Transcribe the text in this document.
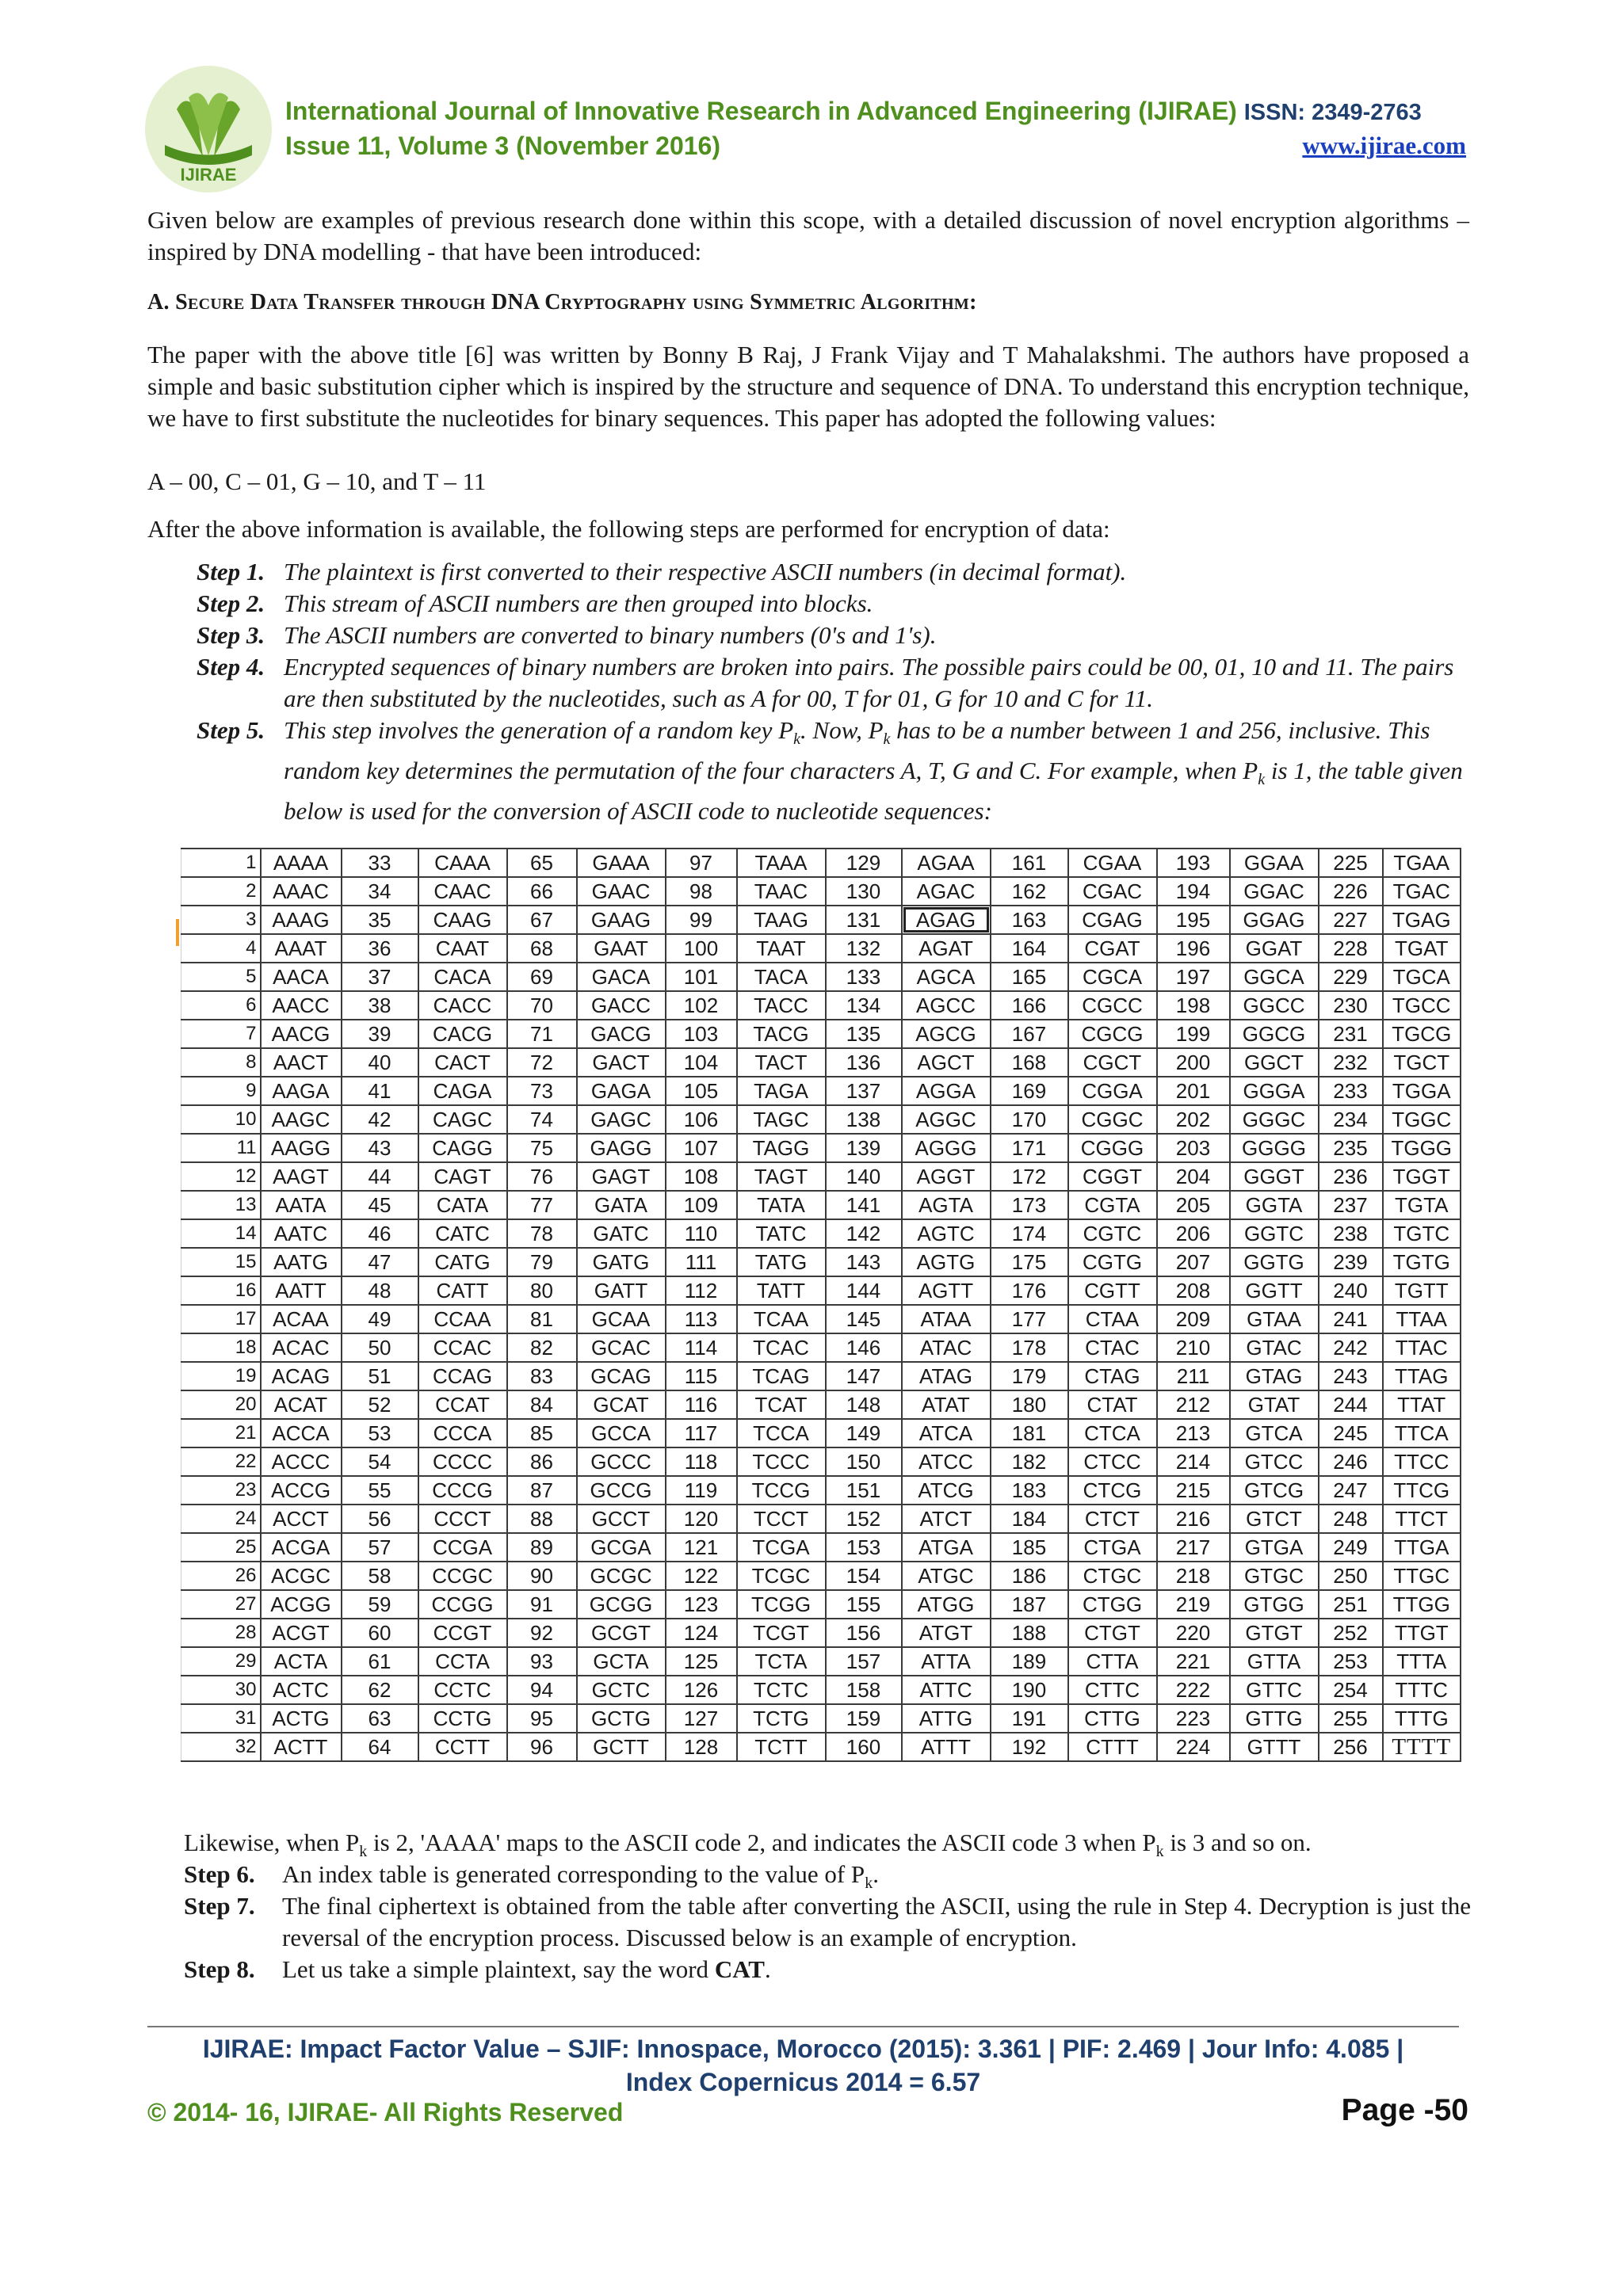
IJIRAE
International Journal of Innovative Research in Advanced Engineering (IJIRAE) ISSN: 2349-2763
Issue 11, Volume 3 (November 2016)	www.ijirae.com
Given below are examples of previous research done within this scope, with a detailed discussion of novel encryption algorithms – inspired by DNA modelling - that have been introduced:
A. Secure Data Transfer through DNA Cryptography using Symmetric Algorithm:
The paper with the above title [6] was written by Bonny B Raj, J Frank Vijay and T Mahalakshmi. The authors have proposed a simple and basic substitution cipher which is inspired by the structure and sequence of DNA. To understand this encryption technique, we have to first substitute the nucleotides for binary sequences. This paper has adopted the following values:
A – 00, C – 01, G – 10, and T – 11
After the above information is available, the following steps are performed for encryption of data:
Step 1. The plaintext is first converted to their respective ASCII numbers (in decimal format).
Step 2. This stream of ASCII numbers are then grouped into blocks.
Step 3. The ASCII numbers are converted to binary numbers (0's and 1's).
Step 4. Encrypted sequences of binary numbers are broken into pairs. The possible pairs could be 00, 01, 10 and 11. The pairs are then substituted by the nucleotides, such as A for 00, T for 01, G for 10 and C for 11.
Step 5. This step involves the generation of a random key $P_k$. Now, $P_k$ has to be a number between 1 and 256, inclusive. This random key determines the permutation of the four characters A, T, G and C. For example, when $P_k$ is 1, the table given below is used for the conversion of ASCII code to nucleotide sequences:
1	AAAA	33	CAAA	65	GAAA	97	TAAA	129	AGAA	161	CGAA	193	GGAA	225	TGAA
2	AAAC	34	CAAC	66	GAAC	98	TAAC	130	AGAC	162	CGAC	194	GGAC	226	TGAC
3	AAAG	35	CAAG	67	GAAG	99	TAAG	131	AGAG	163	CGAG	195	GGAG	227	TGAG
4	AAAT	36	CAAT	68	GAAT	100	TAAT	132	AGAT	164	CGAT	196	GGAT	228	TGAT
5	AACA	37	CACA	69	GACA	101	TACA	133	AGCA	165	CGCA	197	GGCA	229	TGCA
6	AACC	38	CACC	70	GACC	102	TACC	134	AGCC	166	CGCC	198	GGCC	230	TGCC
7	AACG	39	CACG	71	GACG	103	TACG	135	AGCG	167	CGCG	199	GGCG	231	TGCG
8	AACT	40	CACT	72	GACT	104	TACT	136	AGCT	168	CGCT	200	GGCT	232	TGCT
9	AAGA	41	CAGA	73	GAGA	105	TAGA	137	AGGA	169	CGGA	201	GGGA	233	TGGA
10	AAGC	42	CAGC	74	GAGC	106	TAGC	138	AGGC	170	CGGC	202	GGGC	234	TGGC
11	AAGG	43	CAGG	75	GAGG	107	TAGG	139	AGGG	171	CGGG	203	GGGG	235	TGGG
12	AAGT	44	CAGT	76	GAGT	108	TAGT	140	AGGT	172	CGGT	204	GGGT	236	TGGT
13	AATA	45	CATA	77	GATA	109	TATA	141	AGTA	173	CGTA	205	GGTA	237	TGTA
14	AATC	46	CATC	78	GATC	110	TATC	142	AGTC	174	CGTC	206	GGTC	238	TGTC
15	AATG	47	CATG	79	GATG	111	TATG	143	AGTG	175	CGTG	207	GGTG	239	TGTG
16	AATT	48	CATT	80	GATT	112	TATT	144	AGTT	176	CGTT	208	GGTT	240	TGTT
17	ACAA	49	CCAA	81	GCAA	113	TCAA	145	ATAA	177	CTAA	209	GTAA	241	TTAA
18	ACAC	50	CCAC	82	GCAC	114	TCAC	146	ATAC	178	CTAC	210	GTAC	242	TTAC
19	ACAG	51	CCAG	83	GCAG	115	TCAG	147	ATAG	179	CTAG	211	GTAG	243	TTAG
20	ACAT	52	CCAT	84	GCAT	116	TCAT	148	ATAT	180	CTAT	212	GTAT	244	TTAT
21	ACCA	53	CCCA	85	GCCA	117	TCCA	149	ATCA	181	CTCA	213	GTCA	245	TTCA
22	ACCC	54	CCCC	86	GCCC	118	TCCC	150	ATCC	182	CTCC	214	GTCC	246	TTCC
23	ACCG	55	CCCG	87	GCCG	119	TCCG	151	ATCG	183	CTCG	215	GTCG	247	TTCG
24	ACCT	56	CCCT	88	GCCT	120	TCCT	152	ATCT	184	CTCT	216	GTCT	248	TTCT
25	ACGA	57	CCGA	89	GCGA	121	TCGA	153	ATGA	185	CTGA	217	GTGA	249	TTGA
26	ACGC	58	CCGC	90	GCGC	122	TCGC	154	ATGC	186	CTGC	218	GTGC	250	TTGC
27	ACGG	59	CCGG	91	GCGG	123	TCGG	155	ATGG	187	CTGG	219	GTGG	251	TTGG
28	ACGT	60	CCGT	92	GCGT	124	TCGT	156	ATGT	188	CTGT	220	GTGT	252	TTGT
29	ACTA	61	CCTA	93	GCTA	125	TCTA	157	ATTA	189	CTTA	221	GTTA	253	TTTA
30	ACTC	62	CCTC	94	GCTC	126	TCTC	158	ATTC	190	CTTC	222	GTTC	254	TTTC
31	ACTG	63	CCTG	95	GCTG	127	TCTG	159	ATTG	191	CTTG	223	GTTG	255	TTTG
32	ACTT	64	CCTT	96	GCTT	128	TCTT	160	ATTT	192	CTTT	224	GTTT	256	TTTT
Likewise, when $P_k$ is 2, 'AAAA' maps to the ASCII code 2, and indicates the ASCII code 3 when $P_k$ is 3 and so on.
Step 6. An index table is generated corresponding to the value of $P_k$.
Step 7. The final ciphertext is obtained from the table after converting the ASCII, using the rule in Step 4. Decryption is just the reversal of the encryption process. Discussed below is an example of encryption.
Step 8. Let us take a simple plaintext, say the word CAT.
IJIRAE: Impact Factor Value – SJIF: Innospace, Morocco (2015): 3.361 | PIF: 2.469 | Jour Info: 4.085 |
Index Copernicus 2014 = 6.57
© 2014- 16, IJIRAE- All Rights Reserved	Page -50
